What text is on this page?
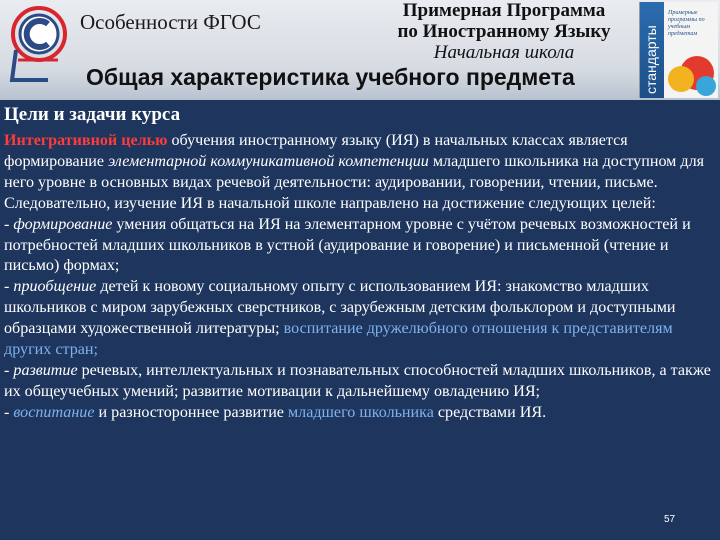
Особенности ФГОС	Примерная Программа
по Иностранному Языку
Начальная школа
Общая характеристика учебного предмета	стандарты
Примерные программы по учебным предметам
Цели и задачи курса

Интегративной целью обучения иностранному языку (ИЯ) в начальных классах является формирование элементарной коммуникативной компетенции младшего школьника на доступном для него уровне в основных видах речевой деятельности: аудировании, говорении, чтении, письме.

Следовательно, изучение ИЯ в начальной школе направлено на достижение следующих целей:

- формирование умения общаться на ИЯ на элементарном уровне с учётом речевых возможностей и потребностей младших школьников в устной (аудирование и говорение) и письменной (чтение и письмо) формах;

- приобщение детей к новому социальному опыту с использованием ИЯ: знакомство младших школьников с миром зарубежных сверстников, с зарубежным детским фольклором и доступными образцами художественной литературы; воспитание дружелюбного отношения к представителям других стран;

- развитие речевых, интеллектуальных и познавательных способностей младших школьников, а также их общеучебных умений; развитие мотивации к дальнейшему овладению ИЯ;

- воспитание и разностороннее развитие младшего школьника средствами ИЯ.

57
